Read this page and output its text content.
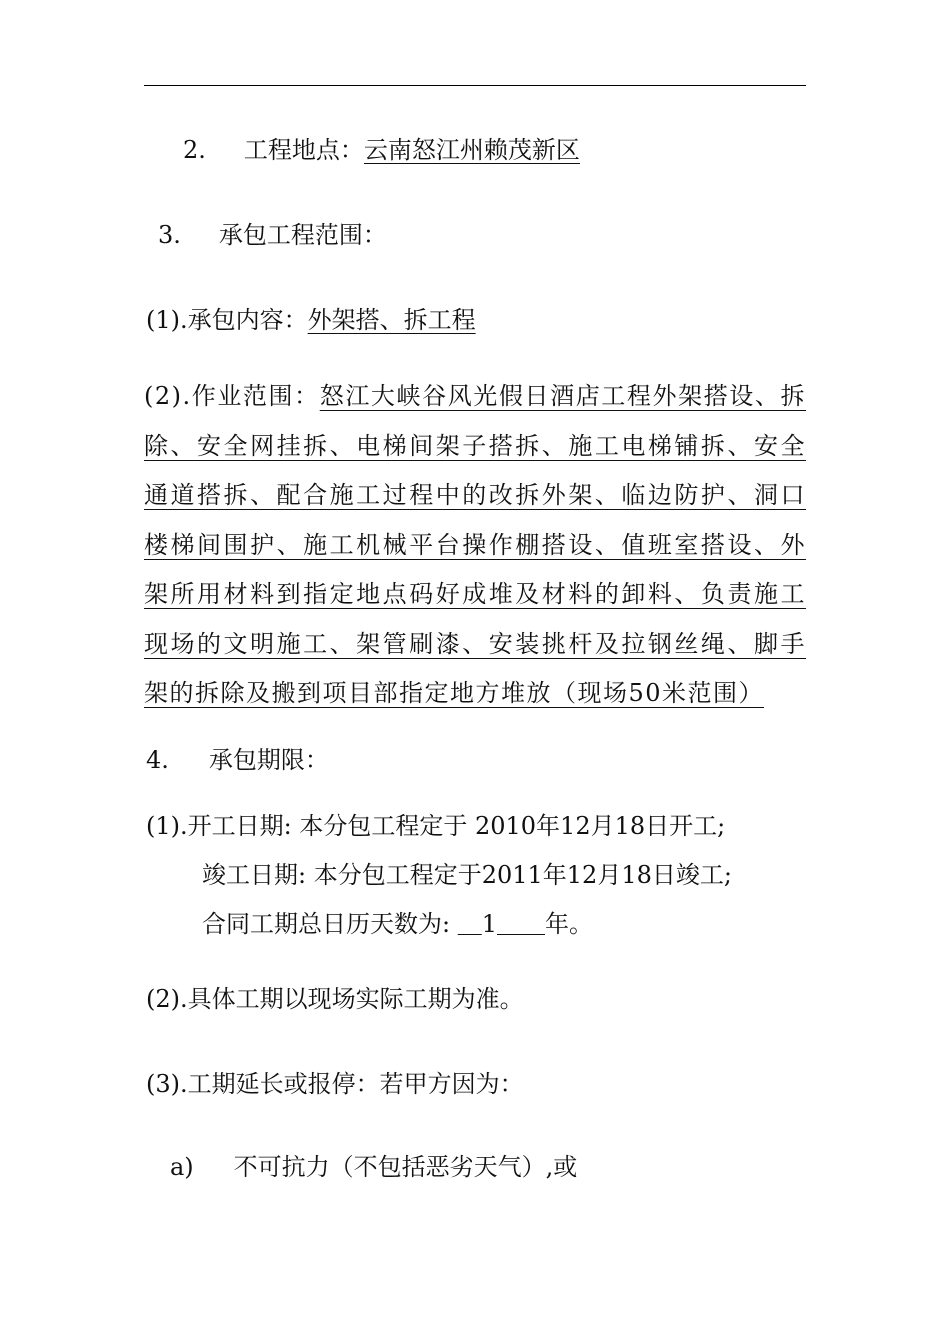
2. 工程地点：云南怒江州赖茂新区
3. 承包工程范围：
(1).承包内容：外架搭、拆工程
(2).作业范围：怒江大峡谷风光假日酒店工程外架搭设、拆除、安全网挂拆、电梯间架子搭拆、施工电梯铺拆、安全通道搭拆、配合施工过程中的改拆外架、临边防护、洞口楼梯间围护、施工机械平台操作棚搭设、值班室搭设、外架所用材料到指定地点码好成堆及材料的卸料、负责施工现场的文明施工、架管刷漆、安装挑杆及拉钢丝绳、脚手架的拆除及搬到项目部指定地方堆放（现场50米范围）
4. 承包期限：
(1).开工日期: 本分包工程定于 2010年12月18日开工;
竣工日期: 本分包工程定于2011年12月18日竣工;
合同工期总日历天数为: ＿1＿＿年。
(2).具体工期以现场实际工期为准。
(3).工期延长或报停：若甲方因为：
a) 不可抗力（不包括恶劣天气）,或
